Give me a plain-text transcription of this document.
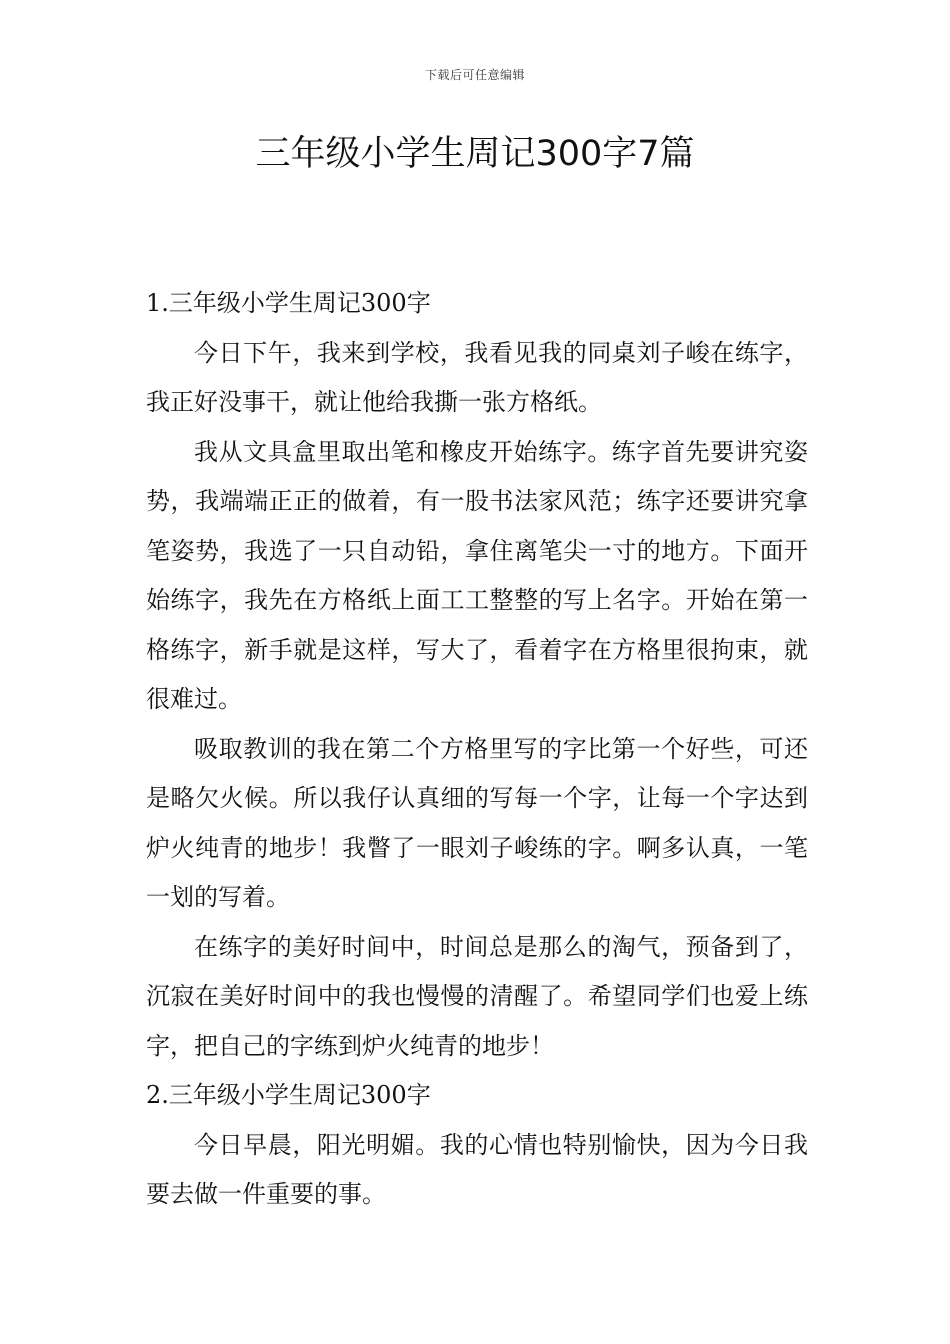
下载后可任意编辑
三年级小学生周记300字7篇
1.三年级小学生周记300字

今日下午，我来到学校，我看见我的同桌刘子峻在练字，我正好没事干，就让他给我撕一张方格纸。

我从文具盒里取出笔和橡皮开始练字。练字首先要讲究姿势，我端端正正的做着，有一股书法家风范；练字还要讲究拿笔姿势，我选了一只自动铅，拿住离笔尖一寸的地方。下面开始练字，我先在方格纸上面工工整整的写上名字。开始在第一格练字，新手就是这样，写大了，看着字在方格里很拘束，就很难过。

吸取教训的我在第二个方格里写的字比第一个好些，可还是略欠火候。所以我仔认真细的写每一个字，让每一个字达到炉火纯青的地步！我瞥了一眼刘子峻练的字。啊多认真，一笔一划的写着。

在练字的美好时间中，时间总是那么的淘气，预备到了，沉寂在美好时间中的我也慢慢的清醒了。希望同学们也爱上练字，把自己的字练到炉火纯青的地步！

2.三年级小学生周记300字

今日早晨，阳光明媚。我的心情也特别愉快，因为今日我要去做一件重要的事。
